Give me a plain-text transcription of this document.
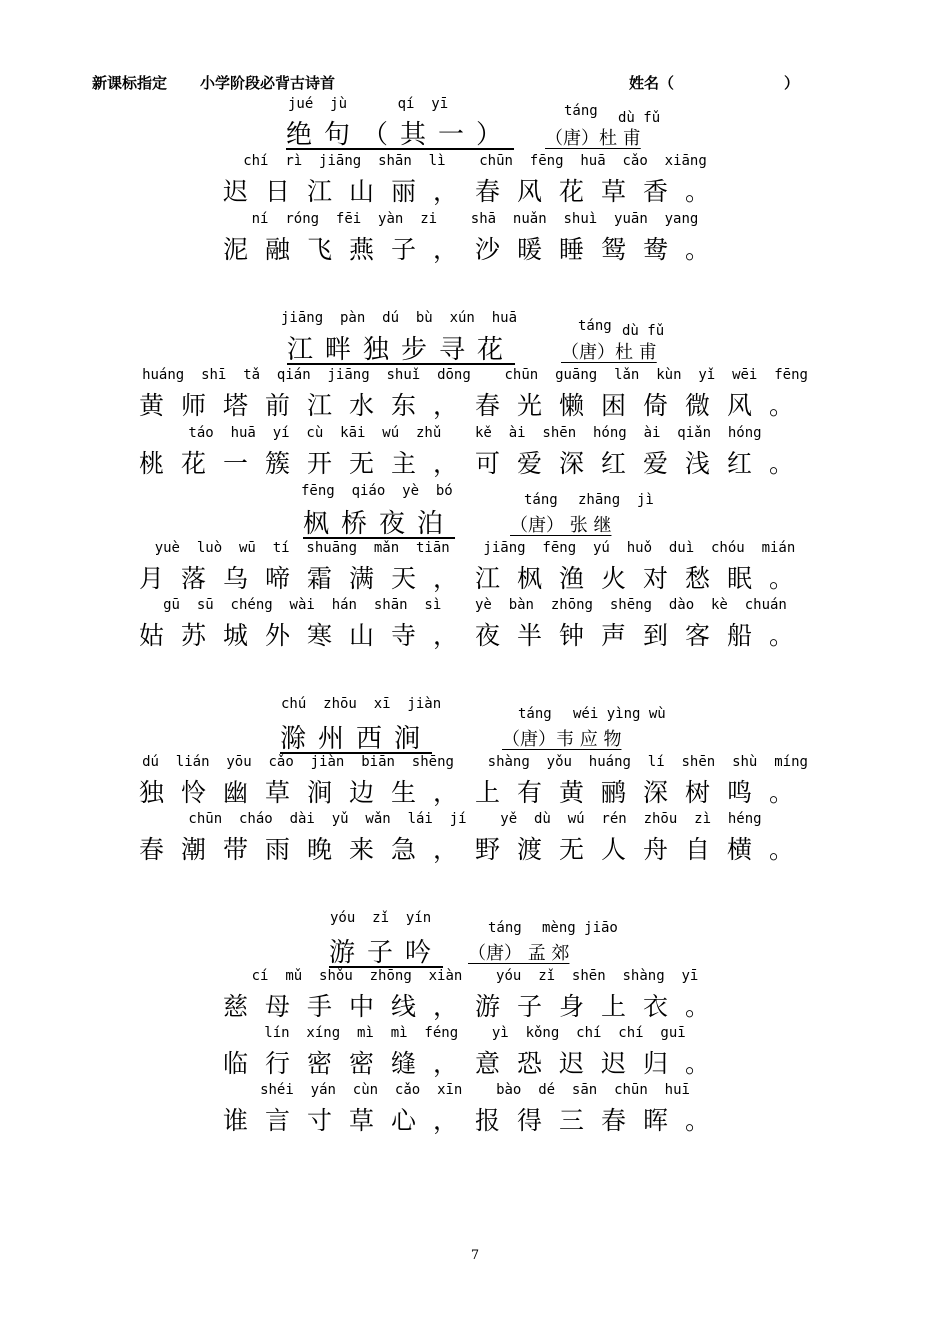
新课标指定 小学阶段必背古诗首	姓名（	）
jué  jù      qí  yī	táng dù fǔ
绝句（其一） （唐）杜 甫
chí  rì  jiāng  shān  lì    chūn  fēng  huā  cǎo  xiāng
迟日江山丽，春风花草香。
ní  róng  fēi  yàn  zi    shā  nuǎn  shuì  yuān  yang
泥融飞燕子，沙暖睡鸳鸯。
jiāng  pàn  dú  bù  xún  huā	táng dù fǔ
江畔独步寻花	（唐）杜 甫
huáng  shī  tǎ  qián  jiāng  shuǐ  dōng    chūn  guāng  lǎn  kùn  yǐ  wēi  fēng
黄师塔前江水东，春光懒困倚微风。
táo  huā  yí  cù  kāi  wú  zhǔ    kě  ài  shēn  hóng  ài  qiǎn  hóng
桃花一簇开无主，可爱深红爱浅红。
fēng  qiáo  yè  bó
táng zhāng  jì
枫桥夜泊	（唐） 张 继
yuè  luò  wū  tí  shuāng  mǎn  tiān    jiāng  fēng  yú  huǒ  duì  chóu  mián
月落乌啼霜满天，江枫渔火对愁眠。
gū  sū  chéng  wài  hán  shān  sì    yè  bàn  zhōng  shēng  dào  kè  chuán
姑苏城外寒山寺，夜半钟声到客船。
chú  zhōu  xī  jiàn
táng wéi yìng wù
滁州西涧	（唐）韦 应 物
dú  lián  yōu  cǎo  jiàn  biān  shēng    shàng  yǒu  huáng  lí  shēn  shù  míng
独怜幽草涧边生，上有黄鹂深树鸣。
chūn  cháo  dài  yǔ  wǎn  lái  jí    yě  dù  wú  rén  zhōu  zì  héng
春潮带雨晚来急，野渡无人舟自横。
yóu  zǐ  yín
táng mèng jiāo
游子吟 （唐） 孟 郊
cí  mǔ  shǒu  zhōng  xiàn    yóu  zǐ  shēn  shàng  yī
慈母手中线，游子身上衣。
lín  xíng  mì  mì  féng    yì  kǒng  chí  chí  guī
临行密密缝，意恐迟迟归。
shéi  yán  cùn  cǎo  xīn    bào  dé  sān  chūn  huī
谁言寸草心，报得三春晖。
7
